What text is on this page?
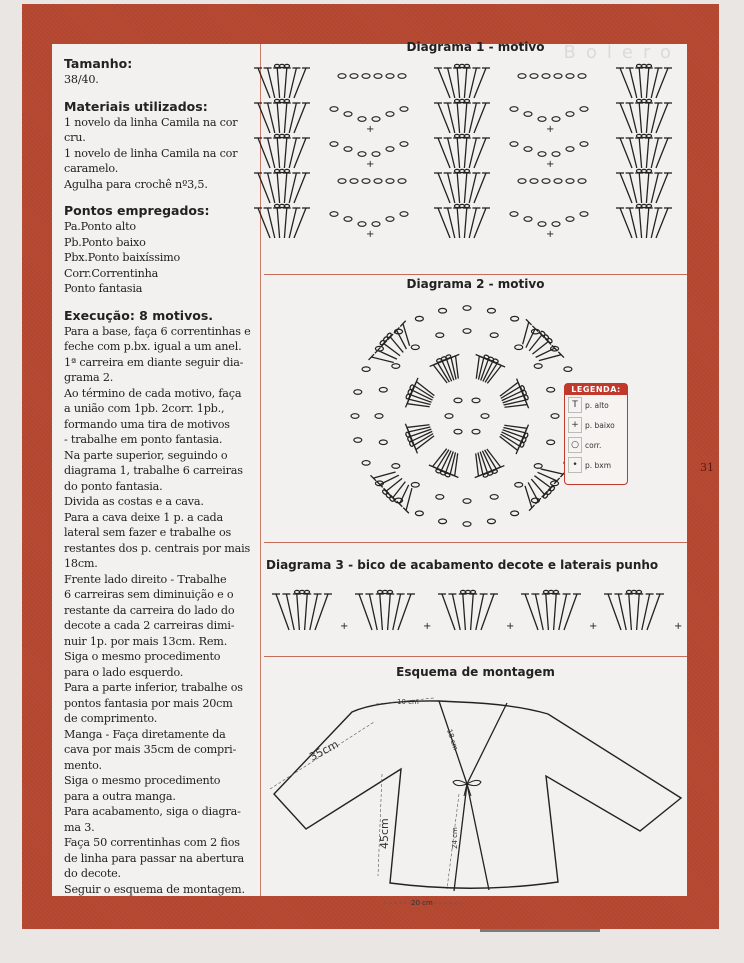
Tamanho:

38/40.

Materiais utilizados:

1 novelo da linha Camila na cor

cru.

1 novelo de linha Camila na cor

caramelo.

Agulha para crochê nº3,5.

Pontos empregados:

Pa.Ponto alto

Pb.Ponto baixo

Pbx.Ponto baixíssimo

Corr.Correntinha

Ponto fantasia

Execução: 8 motivos.

Para a base, faça 6 correntinhas e

feche com p.bx. igual a um anel.

1ª carreira em diante seguir dia-

grama 2.

Ao término de cada motivo, faça

a união com 1pb. 2corr. 1pb.,

formando uma tira de motivos

- trabalhe em ponto fantasia.

Na parte superior, seguindo o

diagrama 1, trabalhe 6 carreiras

do ponto fantasia.

Divida as costas e a cava.

Para a cava deixe 1 p. a cada

lateral sem fazer e trabalhe os

restantes dos p. centrais por mais

18cm.

Frente lado direito - Trabalhe

6 carreiras sem diminuição e o

restante da carreira do lado do

decote a cada 2 carreiras dimi-

nuir 1p. por mais 13cm. Rem.

Siga o mesmo procedimento

para o lado esquerdo.

Para a parte inferior, trabalhe os

pontos fantasia por mais 20cm

de comprimento.

Manga - Faça diretamente da

cava por mais 35cm de compri-

mento.

Siga o mesmo procedimento

para a outra manga.

Para acabamento, siga o diagra-

ma 3.

Faça 50 correntinhas com 2 fios

de linha para passar na abertura

do decote.

Seguir o esquema de montagem.

Bolero
Diagrama 1 - motivo
+	+
+	+
+	+
Diagrama 2 - motivo
Diagrama 3 - bico de acabamento decote e laterais punho
+	+	+	+	+
Esquema de montagem
10 cm
18 cm
35cm
45cm	24 cm
20 cm
LEGENDA:
T p. alto
+ p. baixo
○ corr.
• p. bxm	31
